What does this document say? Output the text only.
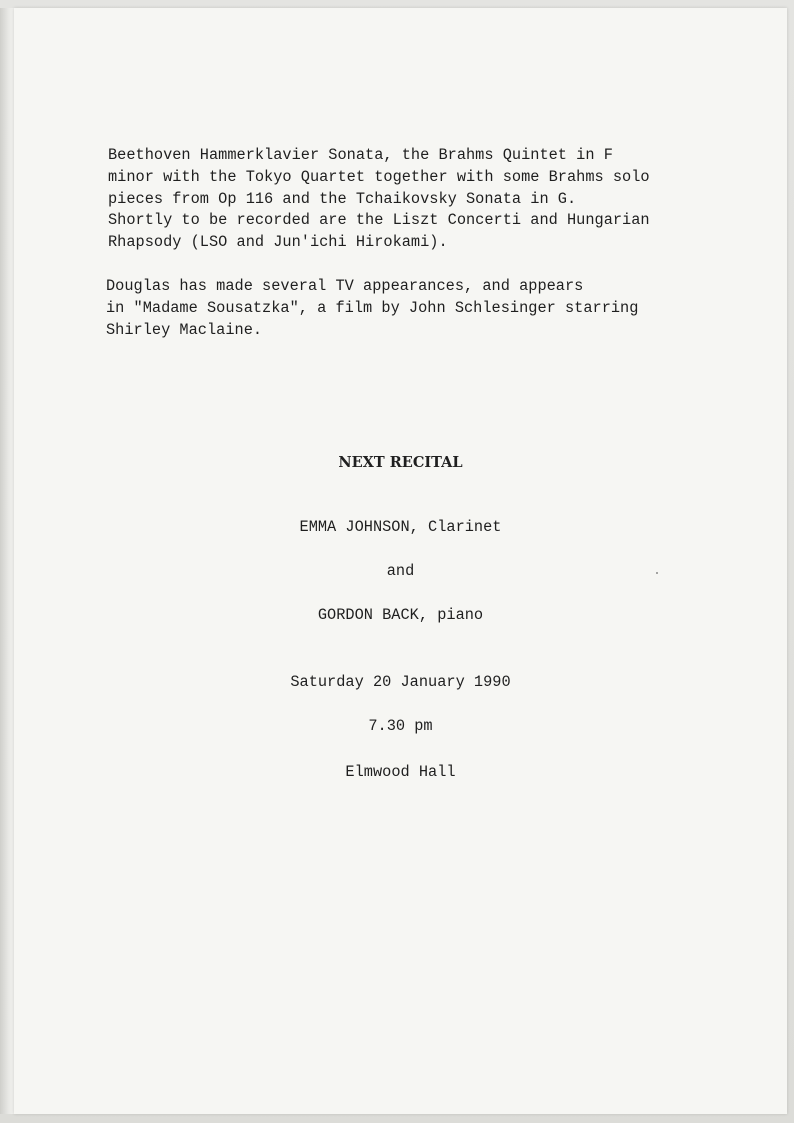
Beethoven Hammerklavier Sonata, the Brahms Quintet in F
minor with the Tokyo Quartet together with some Brahms solo
pieces from Op 116 and the Tchaikovsky Sonata in G.
Shortly to be recorded are the Liszt Concerti and Hungarian
Rhapsody (LSO and Jun'ichi Hirokami).

Douglas has made several TV appearances, and appears
in "Madame Sousatzka", a film by John Schlesinger starring
Shirley Maclaine.

NEXT RECITAL

EMMA JOHNSON, Clarinet

and

GORDON BACK, piano

Saturday 20 January 1990

7.30 pm

Elmwood Hall
